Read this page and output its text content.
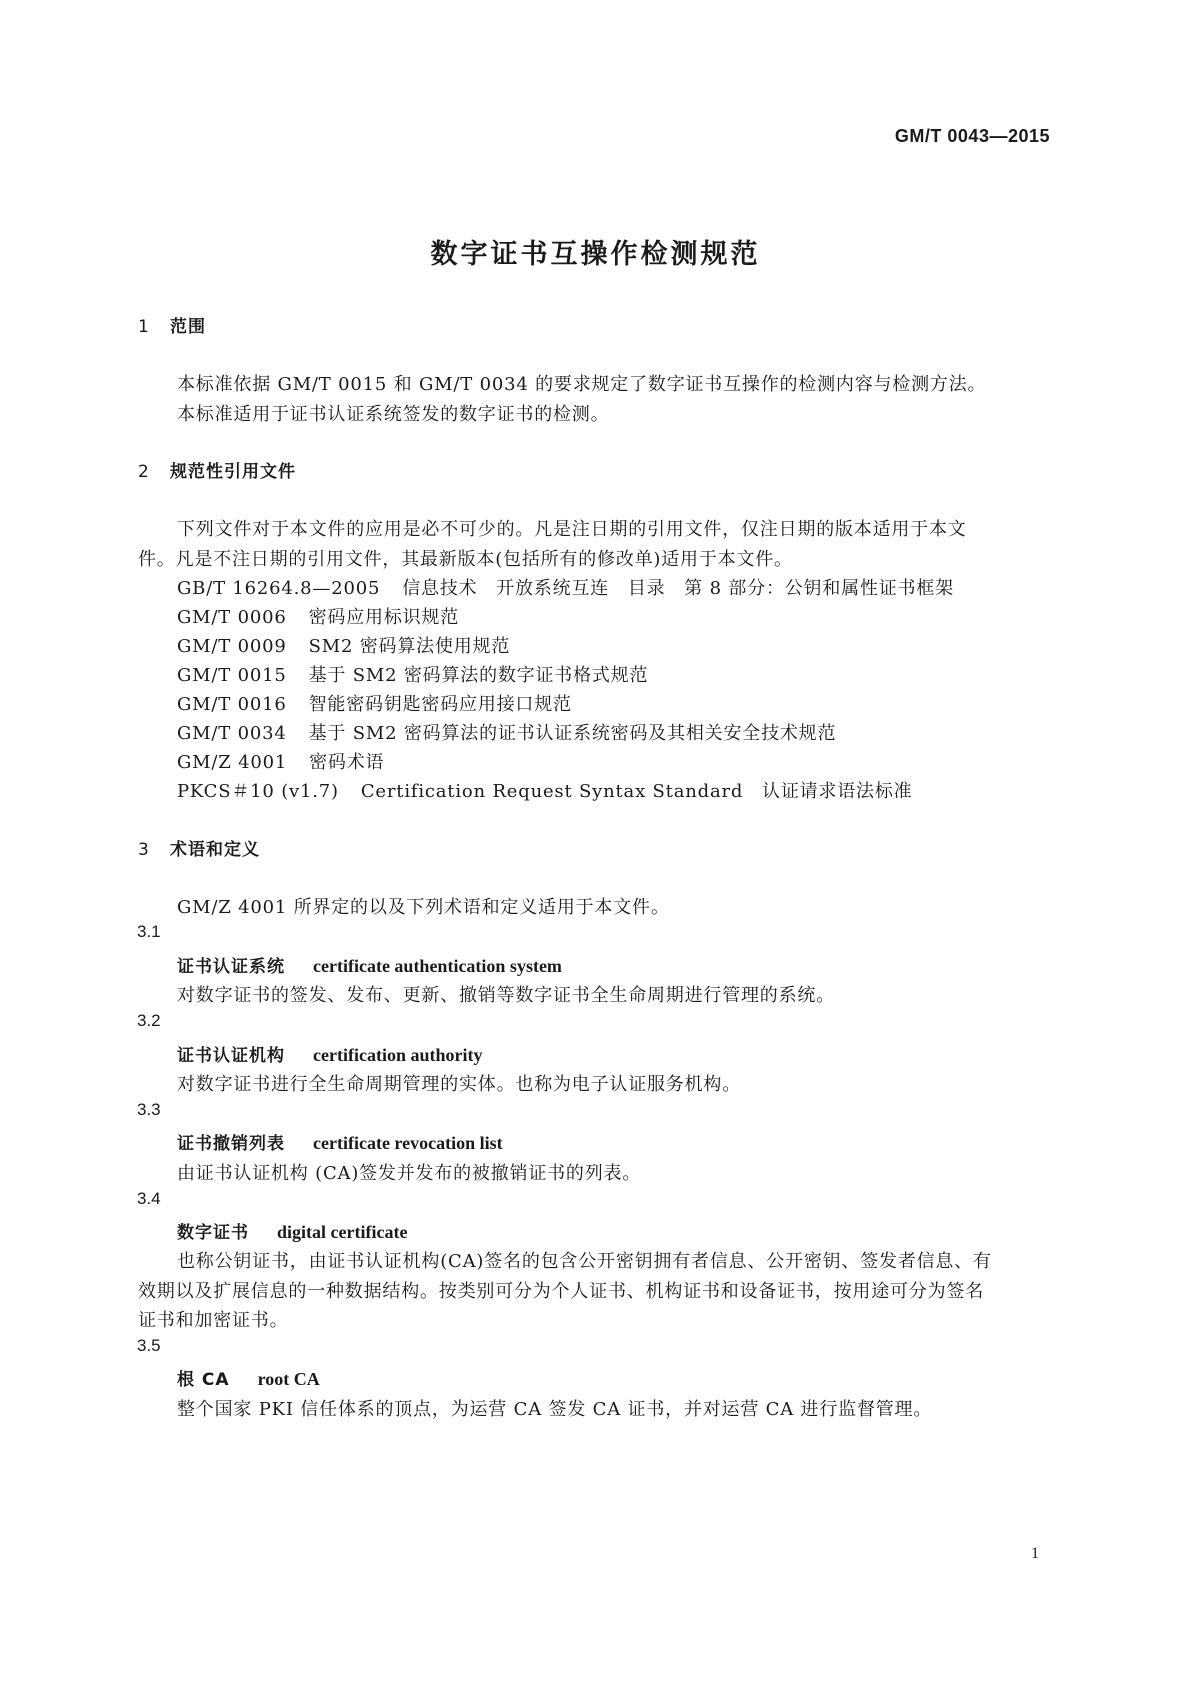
GM/T 0043—2015
数字证书互操作检测规范
1 范围
本标准依据 GM/T 0015 和 GM/T 0034 的要求规定了数字证书互操作的检测内容与检测方法。
本标准适用于证书认证系统签发的数字证书的检测。
2 规范性引用文件
下列文件对于本文件的应用是必不可少的。凡是注日期的引用文件，仅注日期的版本适用于本文
件。凡是不注日期的引用文件，其最新版本(包括所有的修改单)适用于本文件。
GB/T 16264.8—2005 信息技术　开放系统互连　目录　第 8 部分：公钥和属性证书框架
GM/T 0006 密码应用标识规范
GM/T 0009 SM2 密码算法使用规范
GM/T 0015 基于 SM2 密码算法的数字证书格式规范
GM/T 0016 智能密码钥匙密码应用接口规范
GM/T 0034 基于 SM2 密码算法的证书认证系统密码及其相关安全技术规范
GM/Z 4001 密码术语
PKCS＃10 (v1.7) Certification Request Syntax Standard　认证请求语法标准
3 术语和定义
GM/Z 4001 所界定的以及下列术语和定义适用于本文件。
3.1
证书认证系统 certificate authentication system
对数字证书的签发、发布、更新、撤销等数字证书全生命周期进行管理的系统。
3.2
证书认证机构 certification authority
对数字证书进行全生命周期管理的实体。也称为电子认证服务机构。
3.3
证书撤销列表 certificate revocation list
由证书认证机构 (CA)签发并发布的被撤销证书的列表。
3.4
数字证书 digital certificate
也称公钥证书，由证书认证机构(CA)签名的包含公开密钥拥有者信息、公开密钥、签发者信息、有
效期以及扩展信息的一种数据结构。按类别可分为个人证书、机构证书和设备证书，按用途可分为签名
证书和加密证书。
3.5
根 CA root CA
整个国家 PKI 信任体系的顶点，为运营 CA 签发 CA 证书，并对运营 CA 进行监督管理。
1
